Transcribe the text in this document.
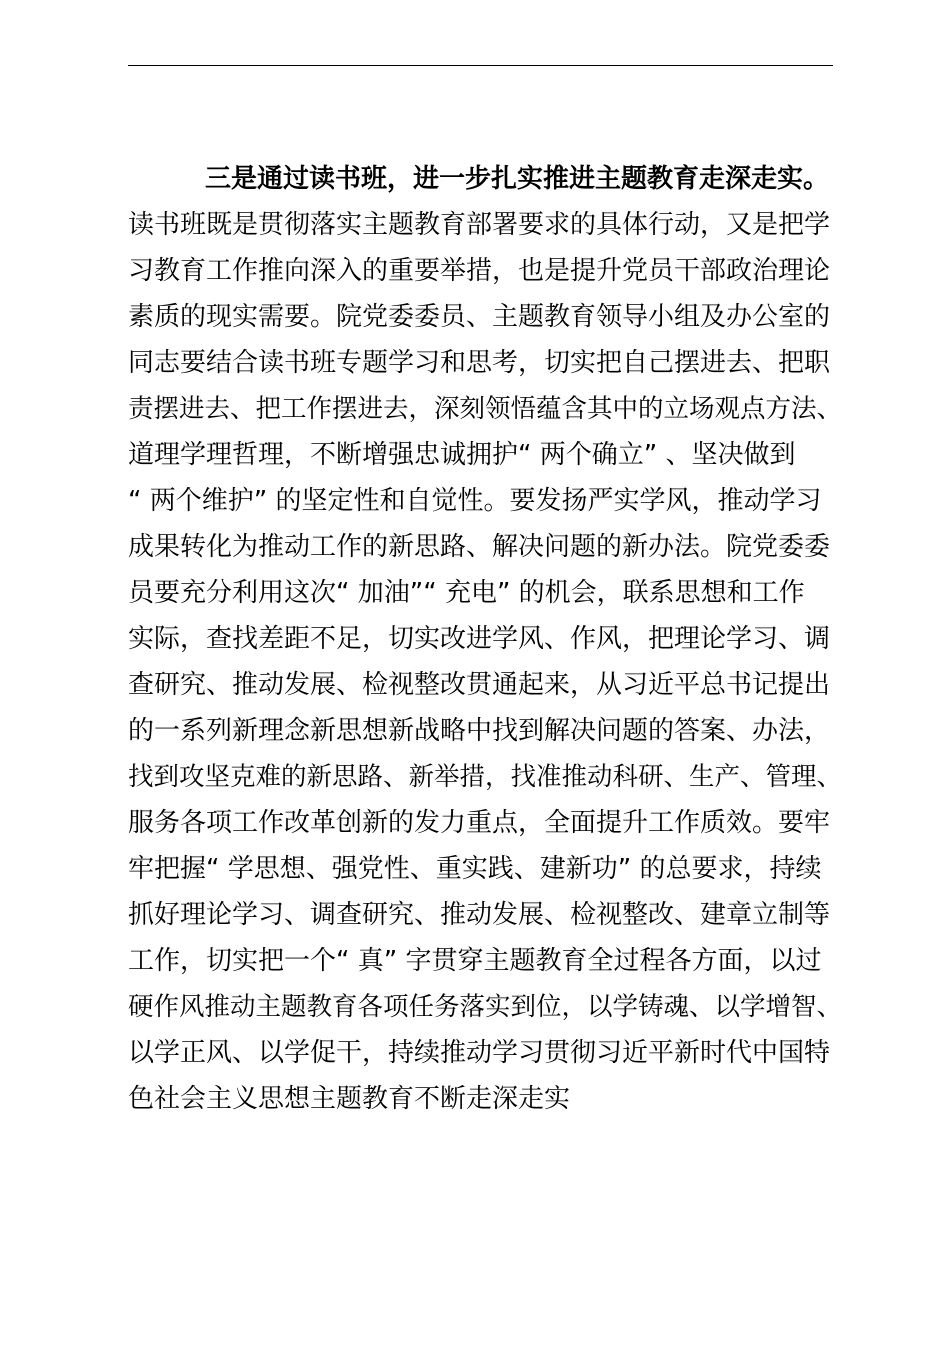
三是通过读书班，进一步扎实推进主题教育走深走实。
读书班既是贯彻落实主题教育部署要求的具体行动，又是把学
习教育工作推向深入的重要举措，也是提升党员干部政治理论
素质的现实需要。院党委委员、主题教育领导小组及办公室的
同志要结合读书班专题学习和思考，切实把自己摆进去、把职
责摆进去、把工作摆进去，深刻领悟蕴含其中的立场观点方法、
道理学理哲理，不断增强忠诚拥护“ 两个确立” 、坚决做到
“ 两个维护” 的坚定性和自觉性。要发扬严实学风，推动学习
成果转化为推动工作的新思路、解决问题的新办法。院党委委
员要充分利用这次“ 加油”“ 充电” 的机会，联系思想和工作
实际，查找差距不足，切实改进学风、作风，把理论学习、调
查研究、推动发展、检视整改贯通起来，从习近平总书记提出
的一系列新理念新思想新战略中找到解决问题的答案、办法，
找到攻坚克难的新思路、新举措，找准推动科研、生产、管理、
服务各项工作改革创新的发力重点，全面提升工作质效。要牢
牢把握“ 学思想、强党性、重实践、建新功” 的总要求，持续
抓好理论学习、调查研究、推动发展、检视整改、建章立制等
工作，切实把一个“ 真” 字贯穿主题教育全过程各方面，以过
硬作风推动主题教育各项任务落实到位，以学铸魂、以学增智、
以学正风、以学促干，持续推动学习贯彻习近平新时代中国特
色社会主义思想主题教育不断走深走实
